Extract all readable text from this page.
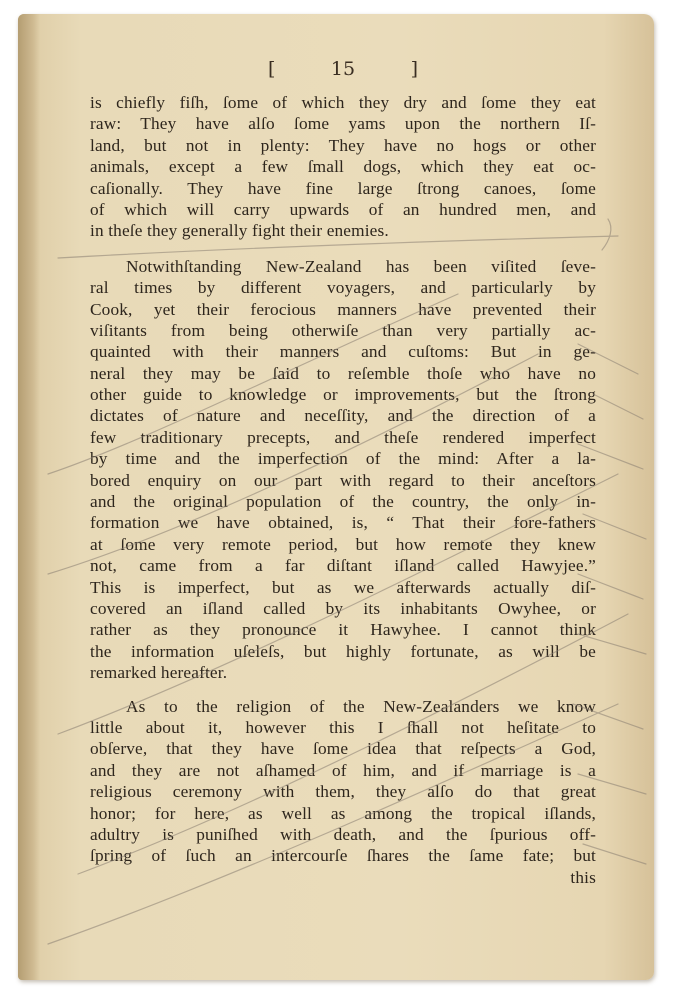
[	15	]
is chiefly fiſh, ſome of which they dry and ſome they eat
raw: They have alſo ſome yams upon the northern Iſ-
land, but not in plenty: They have no hogs or other
animals, except a few ſmall dogs, which they eat oc-
caſionally. They have fine large ſtrong canoes, ſome
of which will carry upwards of an hundred men, and
in theſe they generally fight their enemies.
Notwithſtanding New-Zealand has been viſited ſeve-
ral times by different voyagers, and particularly by
Cook, yet their ferocious manners have prevented their
viſitants from being otherwiſe than very partially ac-
quainted with their manners and cuſtoms: But in ge-
neral they may be ſaid to reſemble thoſe who have no
other guide to knowledge or improvements, but the ſtrong
dictates of nature and neceſſity, and the direction of a
few traditionary precepts, and theſe rendered imperfect
by time and the imperfection of the mind: After a la-
bored enquiry on our part with regard to their anceſtors
and the original population of the country, the only in-
formation we have obtained, is, “ That their fore-fathers
at ſome very remote period, but how remote they knew
not, came from a far diſtant iſland called Hawyjee.”
This is imperfect, but as we afterwards actually diſ-
covered an iſland called by its inhabitants Owyhee, or
rather as they pronounce it Hawyhee. I cannot think
the information uſeleſs, but highly fortunate, as will be
remarked hereafter.
As to the religion of the New-Zealanders we know
little about it, however this I ſhall not heſitate to
obſerve, that they have ſome idea that reſpects a God,
and they are not aſhamed of him, and if marriage is a
religious ceremony with them, they alſo do that great
honor; for here, as well as among the tropical iſlands,
adultry is puniſhed with death, and the ſpurious off-
ſpring of ſuch an intercourſe ſhares the ſame fate; but
this
